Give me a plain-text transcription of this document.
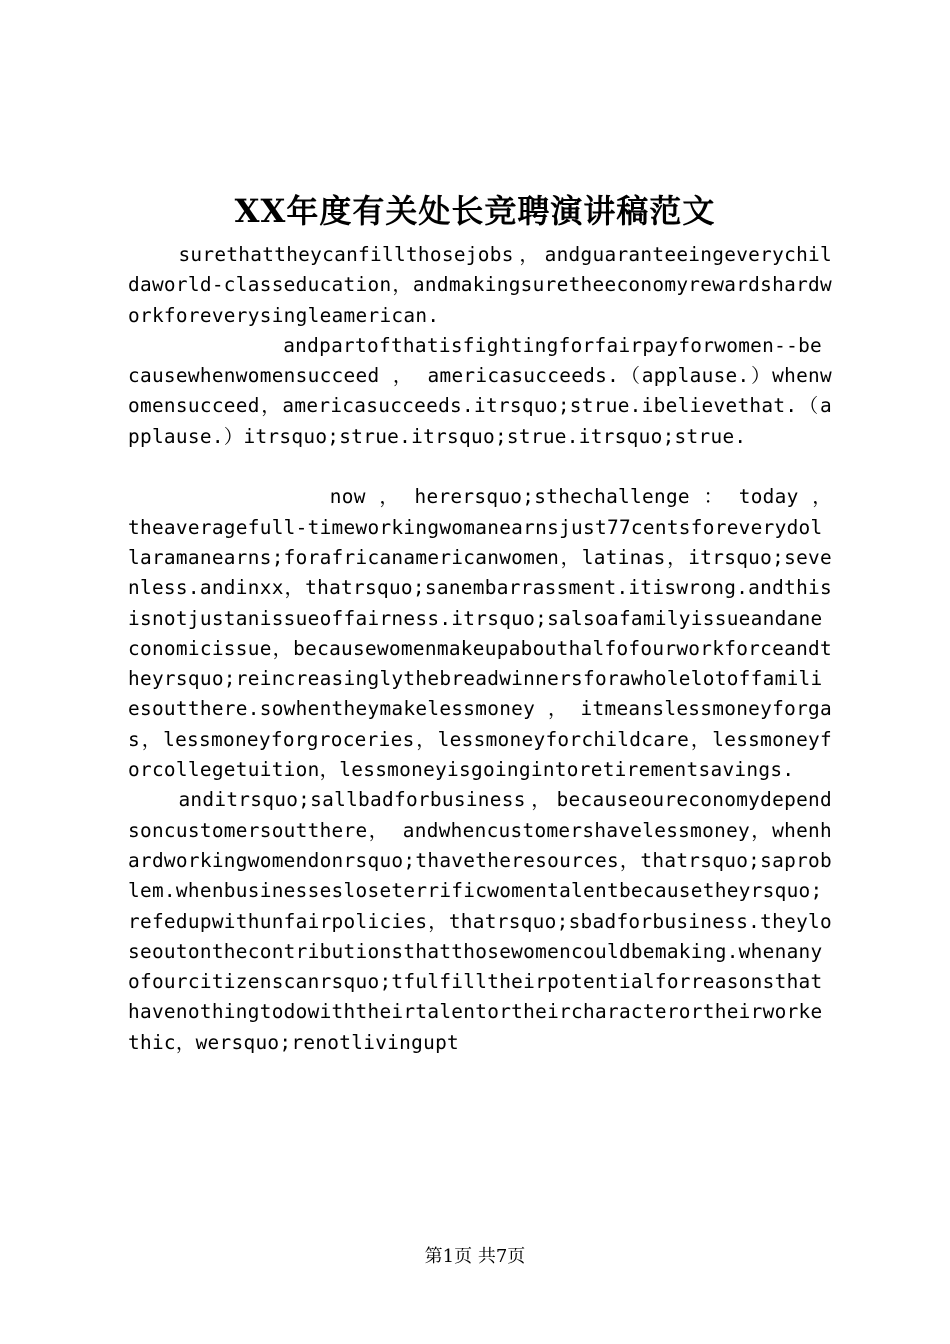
XX年度有关处长竞聘演讲稿范文

surethattheycanfillthosejobs，andguaranteeingeverychildaworld-classeducation，andmakingsuretheeconomyrewardshardworkforeverysingleamerican.

andpartofthatisfightingforfairpayforwomen--becausewhenwomensucceed ， americasucceeds.（applause.）whenwomensucceed，americasucceeds.itrsquo;strue.ibelievethat.（applause.）itrsquo;strue.itrsquo;strue.itrsquo;strue.

now ， herersquo;sthechallenge ： today ， theaveragefull-timeworkingwomanearnsjust77centsforeverydollaramanearns;forafricanamericanwomen，latinas，itrsquo;sevenless.andinxx，thatrsquo;sanembarrassment.itiswrong.andthisisnotjustanissueoffairness.itrsquo;salsoafamilyissueandaneconomicissue，becausewomenmakeupabouthalfofourworkforceandtheyrsquo;reincreasinglythebreadwinnersforawholelotoffamiliesoutthere.sowhentheymakelessmoney，itmeanslessmoneyforgas，lessmoneyforgroceries，lessmoneyforchildcare，lessmoneyforcollegetuition，lessmoneyisgoingintoretirementsavings.

anditrsquo;sallbadforbusiness，becauseoureconomydependsoncustomersoutthere， andwhencustomershavelessmoney，whenhardworkingwomendonrsquo;thavetheresources，thatrsquo;saproblem.whenbusinessesloseterrificwomentalentbecausetheyrsquo;refedupwithunfairpolicies，thatrsquo;sbadforbusiness.theyloseoutonthecontributionsthatthosewomencouldbemaking.whenanyofourcitizenscanrsquo;tfulfilltheirpotentialforreasonsthathavenothingtodowiththeirtalentortheircharacterortheirworkethic，wersquo;renotlivingupt

第1页 共7页
